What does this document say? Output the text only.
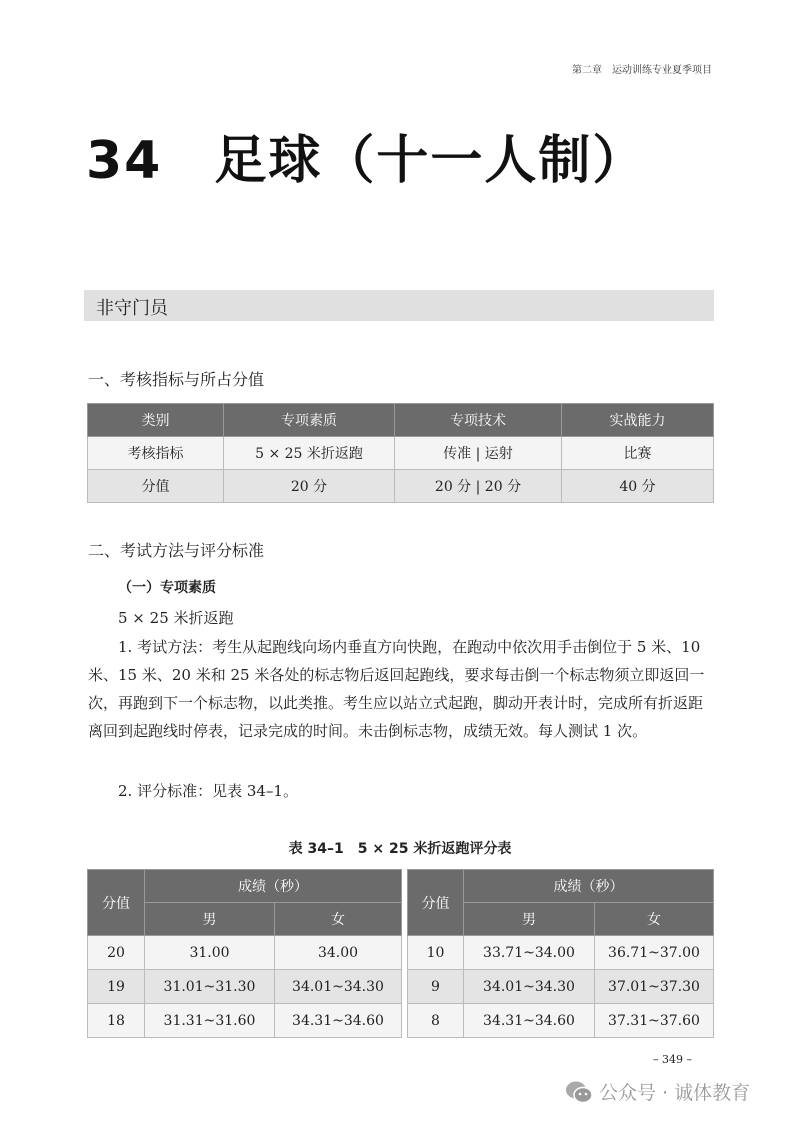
第二章　运动训练专业夏季项目
34 足球（十一人制）
非守门员
一、考核指标与所占分值
类别	专项素质	专项技术	实战能力
考核指标	5 × 25 米折返跑	传准 | 运射	比赛
分值	20 分	20 分 | 20 分	40 分
二、考试方法与评分标准
（一）专项素质
5 × 25 米折返跑
1. 考试方法：考生从起跑线向场内垂直方向快跑，在跑动中依次用手击倒位于 5 米、10 米、15 米、20 米和 25 米各处的标志物后返回起跑线，要求每击倒一个标志物须立即返回一次，再跑到下一个标志物，以此类推。考生应以站立式起跑，脚动开表计时，完成所有折返距离回到起跑线时停表，记录完成的时间。未击倒标志物，成绩无效。每人测试 1 次。
2. 评分标准：见表 34–1。
表 34–1　5 × 25 米折返跑评分表
分值	成绩（秒）	
	男	女
20	31.00	34.00
19	31.01~31.30	34.01~34.30
18	31.31~31.60	34.31~34.60
分值	成绩（秒）	
	男	女
10	33.71~34.00	36.71~37.00
9	34.01~34.30	37.01~37.30
8	34.31~34.60	37.31~37.60
– 349 –
公众号 · 诚体教育
